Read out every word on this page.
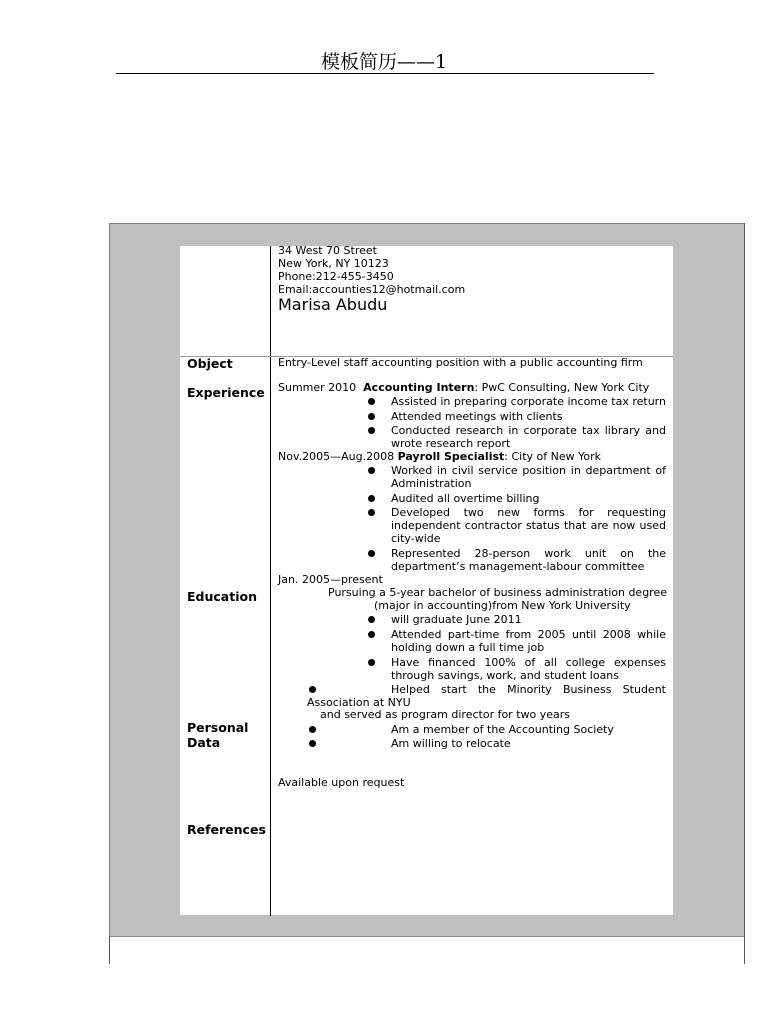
模板简历——1
34 West 70 Street
New York, NY 10123
Phone:212-455-3450
Email:accounties12@hotmail.com
Marisa Abudu
Object
Experience
Education
Personal
Data
References
Entry-Level staff accounting position with a public accounting firm
Summer 2010 Accounting Intern: PwC Consulting, New York City
Assisted in preparing corporate income tax return
Attended meetings with clients
Conducted research in corporate tax library and
wrote research report
Nov.2005—Aug.2008 Payroll Specialist: City of New York
Worked in civil service position in department of
Administration
Audited all overtime billing
Developed two new forms for requesting
independent contractor status that are now used
city-wide
Represented 28-person work unit on the
department’s management-labour committee
Jan. 2005—present
Pursuing a 5-year bachelor of business administration degree
(major in accounting)from New York University
will graduate June 2011
Attended part-time from 2005 until 2008 while
holding down a full time job
Have financed 100% of all college expenses
through savings, work, and student loans
Helped start the Minority Business Student
Association at NYU
and served as program director for two years
Am a member of the Accounting Society
Am willing to relocate
Available upon request
